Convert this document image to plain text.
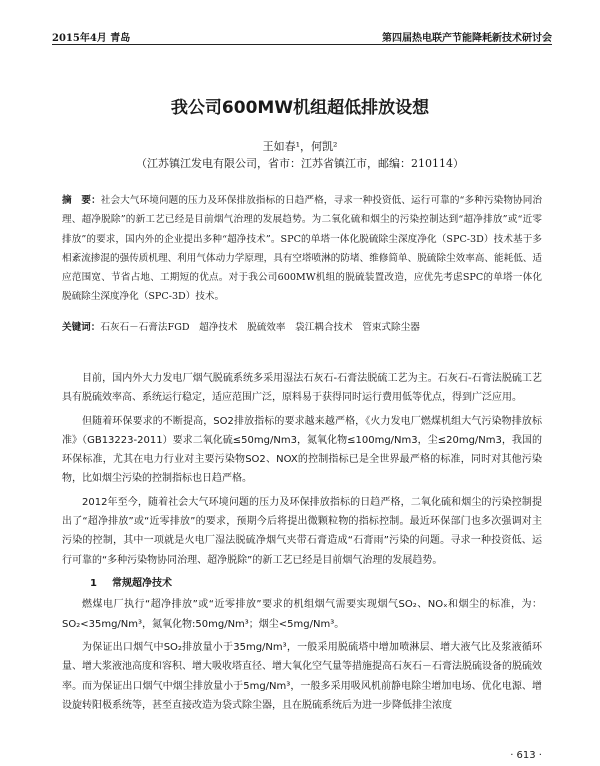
2015年4月 青岛	第四届热电联产节能降耗新技术研讨会
我公司600MW机组超低排放设想
王如春¹，何凯²
（江苏镇江发电有限公司，省市：江苏省镇江市，邮编：210114）
摘　要：社会大气环境问题的压力及环保排放指标的日趋严格，寻求一种投资低、运行可靠的“多种污染物协同治理、超净脱除”的新工艺已经是目前烟气治理的发展趋势。为二氧化硫和烟尘的污染控制达到“超净排放”或“近零排放”的要求，国内外的企业提出多种“超净技术”。SPC的单塔一体化脱硫除尘深度净化（SPC-3D）技术基于多相紊流掺混的强传质机理、利用气体动力学原理，具有空塔喷淋的防堵、维修简单、脱硫除尘效率高、能耗低、适应范围宽、节省占地、工期短的优点。对于我公司600MW机组的脱硫装置改造，应优先考虑SPC的单塔一体化脱硫除尘深度净化（SPC-3D）技术。
关键词：石灰石－石膏法FGD　超净技术　脱硫效率　袋江耦合技术　管束式除尘器

目前，国内外大力发电厂烟气脱硫系统多采用湿法石灰石-石膏法脱硫工艺为主。石灰石-石膏法脱硫工艺具有脱硫效率高、系统运行稳定，适应范围广泛，原料易于获得同时运行费用低等优点，得到广泛应用。

但随着环保要求的不断提高，SO2排放指标的要求越来越严格，《火力发电厂燃煤机组大气污染物排放标准》（GB13223-2011）要求二氧化硫≤50mg/Nm3，氮氧化物≤100mg/Nm3，尘≤20mg/Nm3，我国的环保标准，尤其在电力行业对主要污染物SO2、NOX的控制指标已是全世界最严格的标准，同时对其他污染物，比如烟尘污染的控制指标也日趋严格。

2012年至今，随着社会大气环境问题的压力及环保排放指标的日趋严格，二氧化硫和烟尘的污染控制提出了“超净排放”或“近零排放”的要求，预期今后将提出微颗粒物的指标控制。最近环保部门也多次强调对主污染的控制，其中一项就是火电厂湿法脱硫净烟气夹带石膏造成“石膏雨”污染的问题。寻求一种投资低、运行可靠的“多种污染物协同治理、超净脱除”的新工艺已经是目前烟气治理的发展趋势。

1 常规超净技术

燃煤电厂执行“超净排放”或“近零排放”要求的机组烟气需要实现烟气SO₂、NOₓ和烟尘的标准，为：SO₂<35mg/Nm³，氮氧化物:50mg/Nm³；烟尘<5mg/Nm³。

为保证出口烟气中SO₂排放量小于35mg/Nm³，一般采用脱硫塔中增加喷淋层、增大液气比及浆液循环量、增大浆液池高度和容积、增大吸收塔直径、增大氧化空气量等措施提高石灰石－石膏法脱硫设备的脱硫效率。而为保证出口烟气中烟尘排放量小于5mg/Nm³，一般多采用吸风机前静电除尘增加电场、优化电源、增设旋转阳极系统等，甚至直接改造为袋式除尘器，且在脱硫系统后为进一步降低排尘浓度

· 613 ·
